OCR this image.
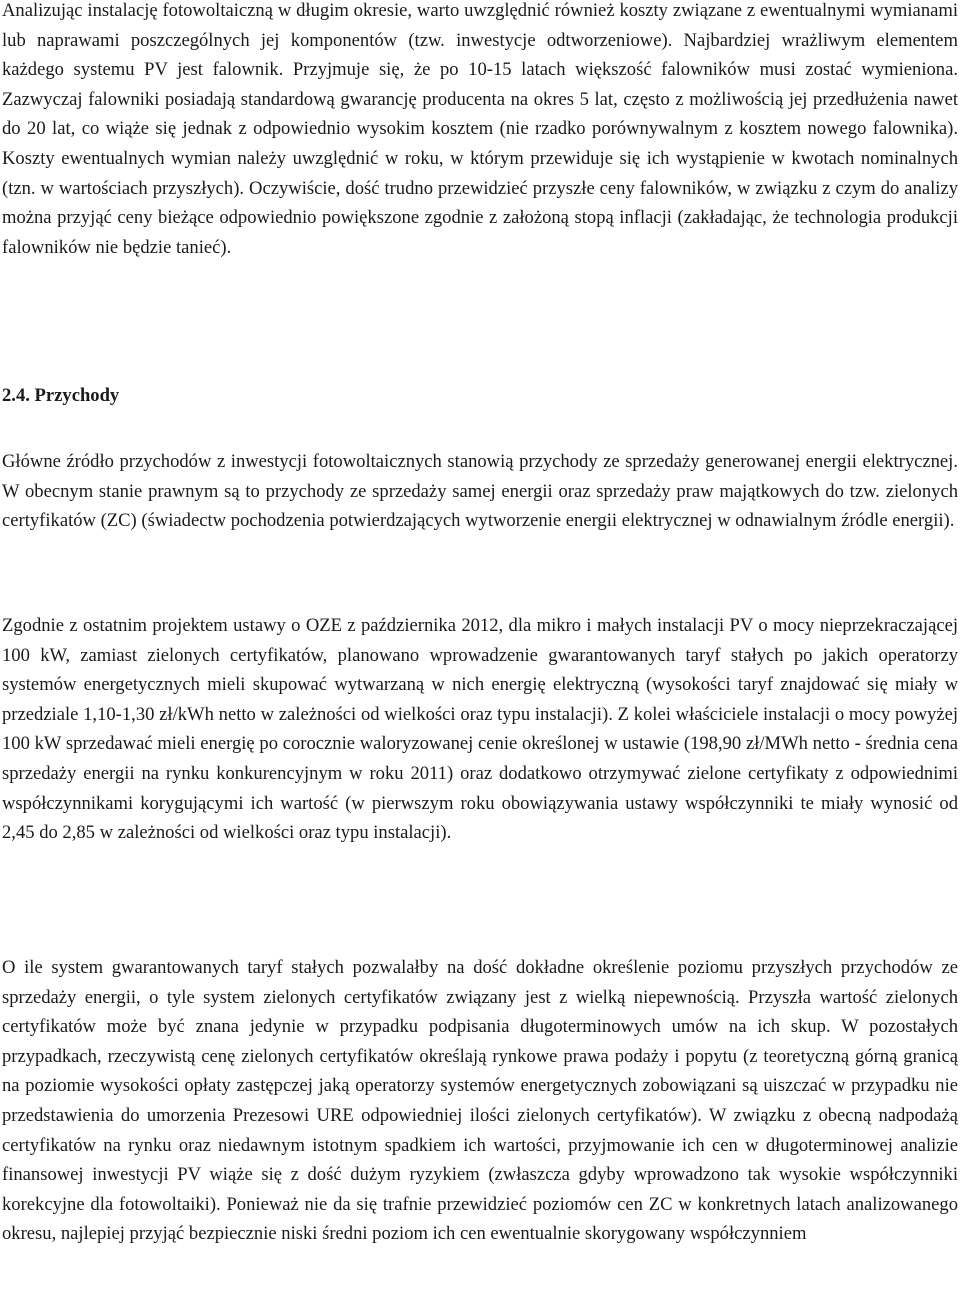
Analizując instalację fotowoltaiczną w długim okresie, warto uwzględnić również koszty związane z ewentualnymi wymianami lub naprawami poszczególnych jej komponentów (tzw. inwestycje odtworzeniowe). Najbardziej wrażliwym elementem każdego systemu PV jest falownik. Przyjmuje się, że po 10-15 latach większość falowników musi zostać wymieniona. Zazwyczaj falowniki posiadają standardową gwarancję producenta na okres 5 lat, często z możliwością jej przedłużenia nawet do 20 lat, co wiąże się jednak z odpowiednio wysokim kosztem (nie rzadko porównywalnym z kosztem nowego falownika). Koszty ewentualnych wymian należy uwzględnić w roku, w którym przewiduje się ich wystąpienie w kwotach nominalnych (tzn. w wartościach przyszłych). Oczywiście, dość trudno przewidzieć przyszłe ceny falowników, w związku z czym do analizy można przyjąć ceny bieżące odpowiednio powiększone zgodnie z założoną stopą inflacji (zakładając, że technologia produkcji falowników nie będzie tanieć).

2.4. Przychody

Główne źródło przychodów z inwestycji fotowoltaicznych stanowią przychody ze sprzedaży generowanej energii elektrycznej. W obecnym stanie prawnym są to przychody ze sprzedaży samej energii oraz sprzedaży praw majątkowych do tzw. zielonych certyfikatów (ZC) (świadectw pochodzenia potwierdzających wytworzenie energii elektrycznej w odnawialnym źródle energii).

Zgodnie z ostatnim projektem ustawy o OZE z października 2012, dla mikro i małych instalacji PV o mocy nieprzekraczającej 100 kW, zamiast zielonych certyfikatów, planowano wprowadzenie gwarantowanych taryf stałych po jakich operatorzy systemów energetycznych mieli skupować wytwarzaną w nich energię elektryczną (wysokości taryf znajdować się miały w przedziale 1,10-1,30 zł/kWh netto w zależności od wielkości oraz typu instalacji). Z kolei właściciele instalacji o mocy powyżej 100 kW sprzedawać mieli energię po corocznie waloryzowanej cenie określonej w ustawie (198,90 zł/MWh netto - średnia cena sprzedaży energii na rynku konkurencyjnym w roku 2011) oraz dodatkowo otrzymywać zielone certyfikaty z odpowiednimi współczynnikami korygującymi ich wartość (w pierwszym roku obowiązywania ustawy współczynniki te miały wynosić od 2,45 do 2,85 w zależności od wielkości oraz typu instalacji).

O ile system gwarantowanych taryf stałych pozwalałby na dość dokładne określenie poziomu przyszłych przychodów ze sprzedaży energii, o tyle system zielonych certyfikatów związany jest z wielką niepewnością. Przyszła wartość zielonych certyfikatów może być znana jedynie w przypadku podpisania długoterminowych umów na ich skup. W pozostałych przypadkach, rzeczywistą cenę zielonych certyfikatów określają rynkowe prawa podaży i popytu (z teoretyczną górną granicą na poziomie wysokości opłaty zastępczej jaką operatorzy systemów energetycznych zobowiązani są uiszczać w przypadku nie przedstawienia do umorzenia Prezesowi URE odpowiedniej ilości zielonych certyfikatów). W związku z obecną nadpodażą certyfikatów na rynku oraz niedawnym istotnym spadkiem ich wartości, przyjmowanie ich cen w długoterminowej analizie finansowej inwestycji PV wiąże się z dość dużym ryzykiem (zwłaszcza gdyby wprowadzono tak wysokie współczynniki korekcyjne dla fotowoltaiki). Ponieważ nie da się trafnie przewidzieć poziomów cen ZC w konkretnych latach analizowanego okresu, najlepiej przyjąć bezpiecznie niski średni poziom ich cen ewentualnie skorygowany współczynniem
